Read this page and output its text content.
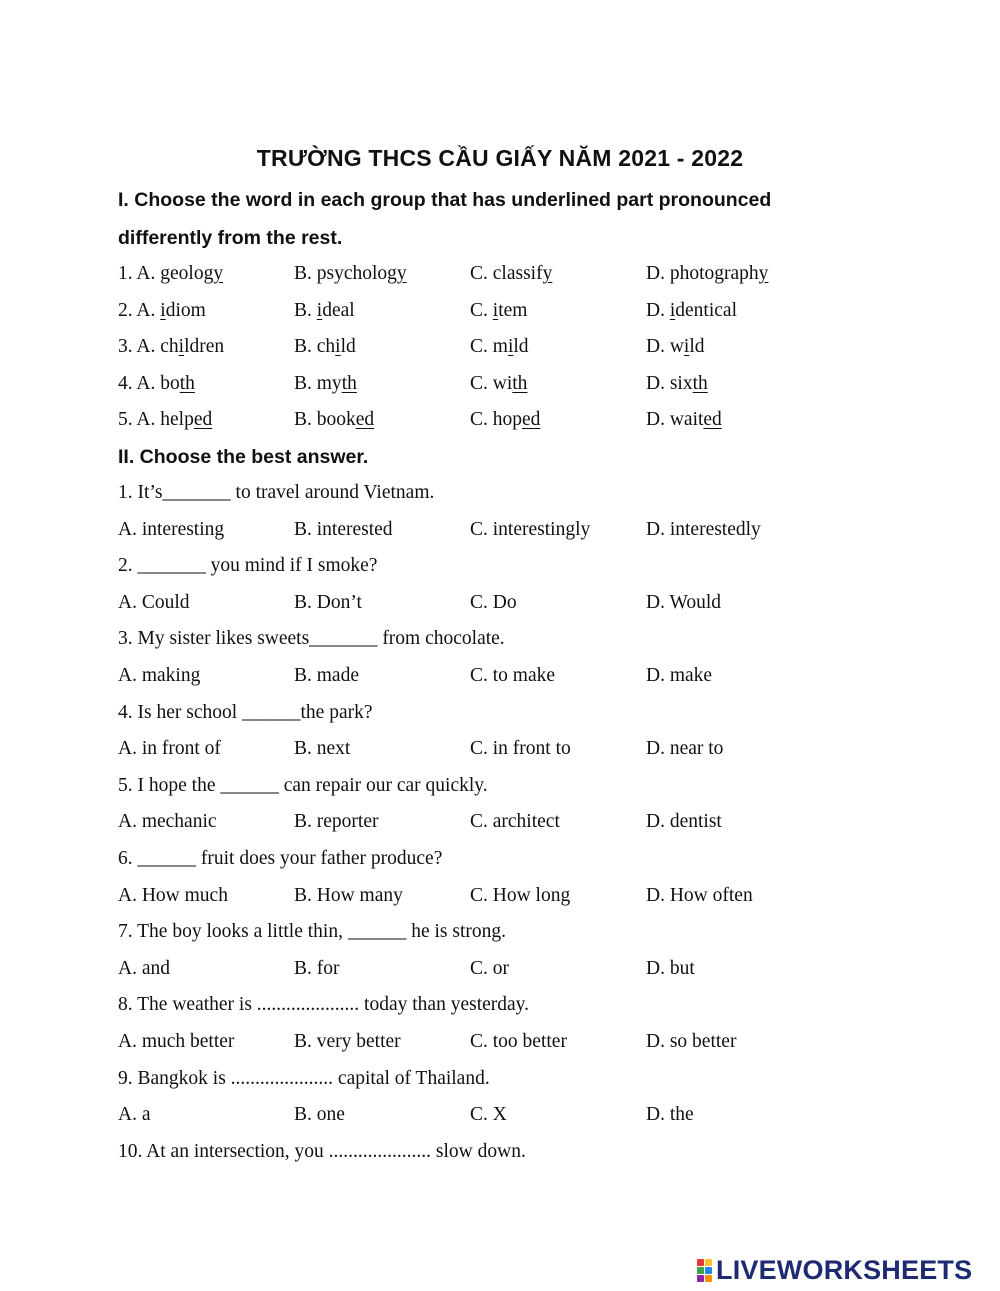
TRƯỜNG THCS CẦU GIẤY NĂM 2021 - 2022
I. Choose the word in each group that has underlined part pronounced
differently from the rest.
1. A. geology	B. psychology	C. classify	D. photography
2. A. idiom	B. ideal	C. item	D. identical
3. A. children	B. child	C. mild	D. wild
4. A. both	B. myth	C. with	D. sixth
5. A. helped	B. booked	C. hoped	D. waited
II. Choose the best answer.
1. It’s_______ to travel around Vietnam.
A. interesting	B. interested	C. interestingly	D. interestedly
2. _______ you mind if I smoke?
A. Could	B. Don’t	C. Do	D. Would
3. My sister likes sweets_______ from chocolate.
A. making	B. made	C. to make	D. make
4. Is her school ______the park?
A. in front of	B. next	C. in front to	D. near to
5. I hope the ______ can repair our car quickly.
A. mechanic	B. reporter	C. architect	D. dentist
6. ______ fruit does your father produce?
A. How much	B. How many	C. How long	D. How often
7. The boy looks a little thin, ______ he is strong.
A. and	B. for	C. or	D. but
8. The weather is ..................... today than yesterday.
A. much better	B. very better	C. too better	D. so better
9. Bangkok is ..................... capital of Thailand.
A. a	B. one	C. X	D. the
10. At an intersection, you ..................... slow down.
LIVEWORKSHEETS
